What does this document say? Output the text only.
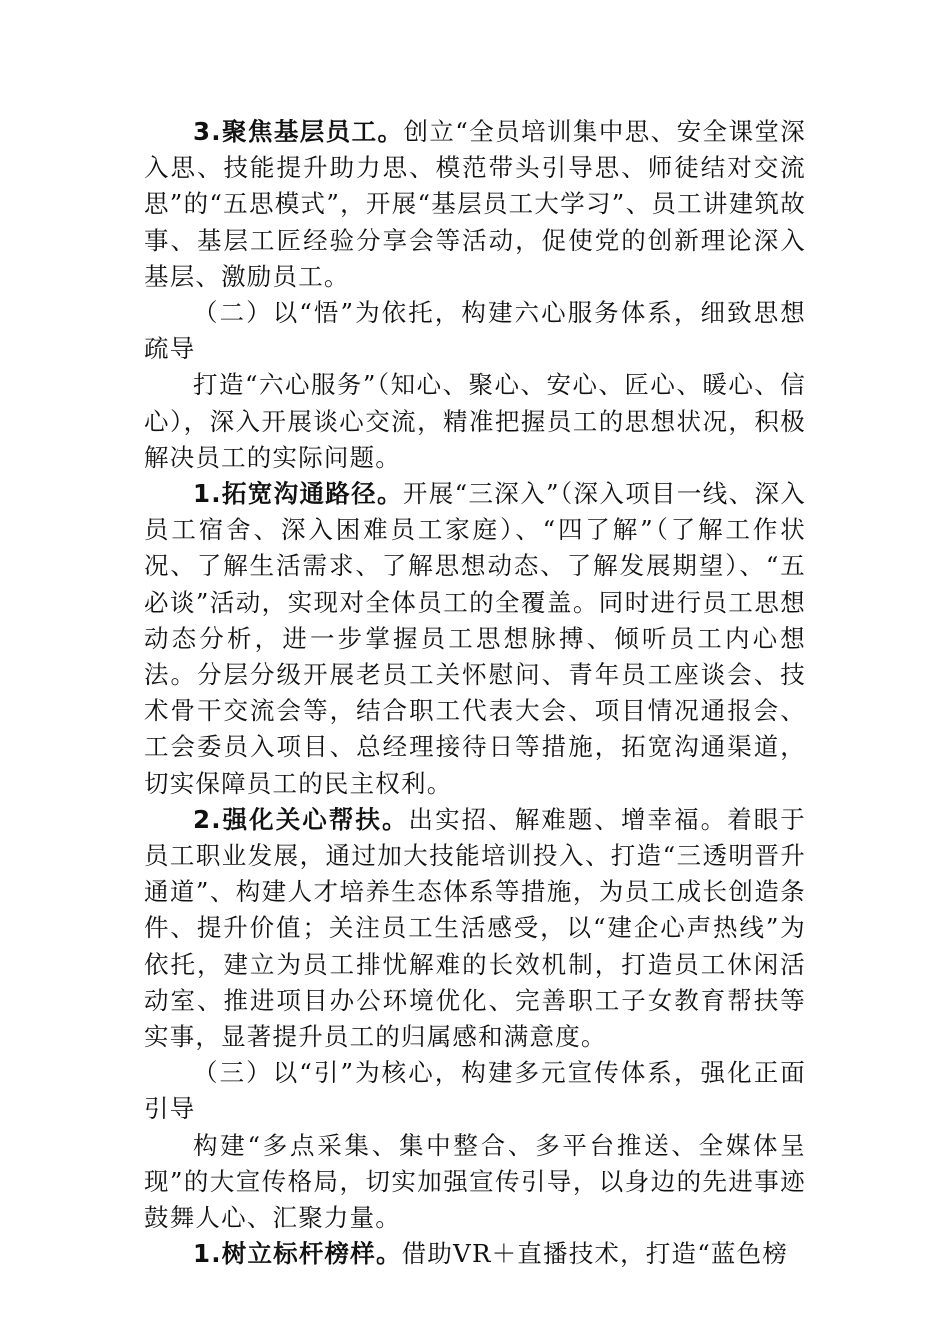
3.聚焦基层员工。创立“全员培训集中思、安全课堂深入思、技能提升助力思、模范带头引导思、师徒结对交流思”的“五思模式”，开展“基层员工大学习”、员工讲建筑故事、基层工匠经验分享会等活动，促使党的创新理论深入基层、激励员工。

（二）以“悟”为依托，构建六心服务体系，细致思想疏导

打造“六心服务”（知心、聚心、安心、匠心、暖心、信心），深入开展谈心交流，精准把握员工的思想状况，积极解决员工的实际问题。

1.拓宽沟通路径。开展“三深入”（深入项目一线、深入员工宿舍、深入困难员工家庭）、“四了解”（了解工作状况、了解生活需求、了解思想动态、了解发展期望）、“五必谈”活动，实现对全体员工的全覆盖。同时进行员工思想动态分析，进一步掌握员工思想脉搏、倾听员工内心想法。分层分级开展老员工关怀慰问、青年员工座谈会、技术骨干交流会等，结合职工代表大会、项目情况通报会、工会委员入项目、总经理接待日等措施，拓宽沟通渠道，切实保障员工的民主权利。

2.强化关心帮扶。出实招、解难题、增幸福。着眼于员工职业发展，通过加大技能培训投入、打造“三透明晋升通道”、构建人才培养生态体系等措施，为员工成长创造条件、提升价值；关注员工生活感受，以“建企心声热线”为依托，建立为员工排忧解难的长效机制，打造员工休闲活动室、推进项目办公环境优化、完善职工子女教育帮扶等实事，显著提升员工的归属感和满意度。

（三）以“引”为核心，构建多元宣传体系，强化正面引导

构建“多点采集、集中整合、多平台推送、全媒体呈现”的大宣传格局，切实加强宣传引导，以身边的先进事迹鼓舞人心、汇聚力量。

1.树立标杆榜样。借助VR＋直播技术，打造“蓝色榜
